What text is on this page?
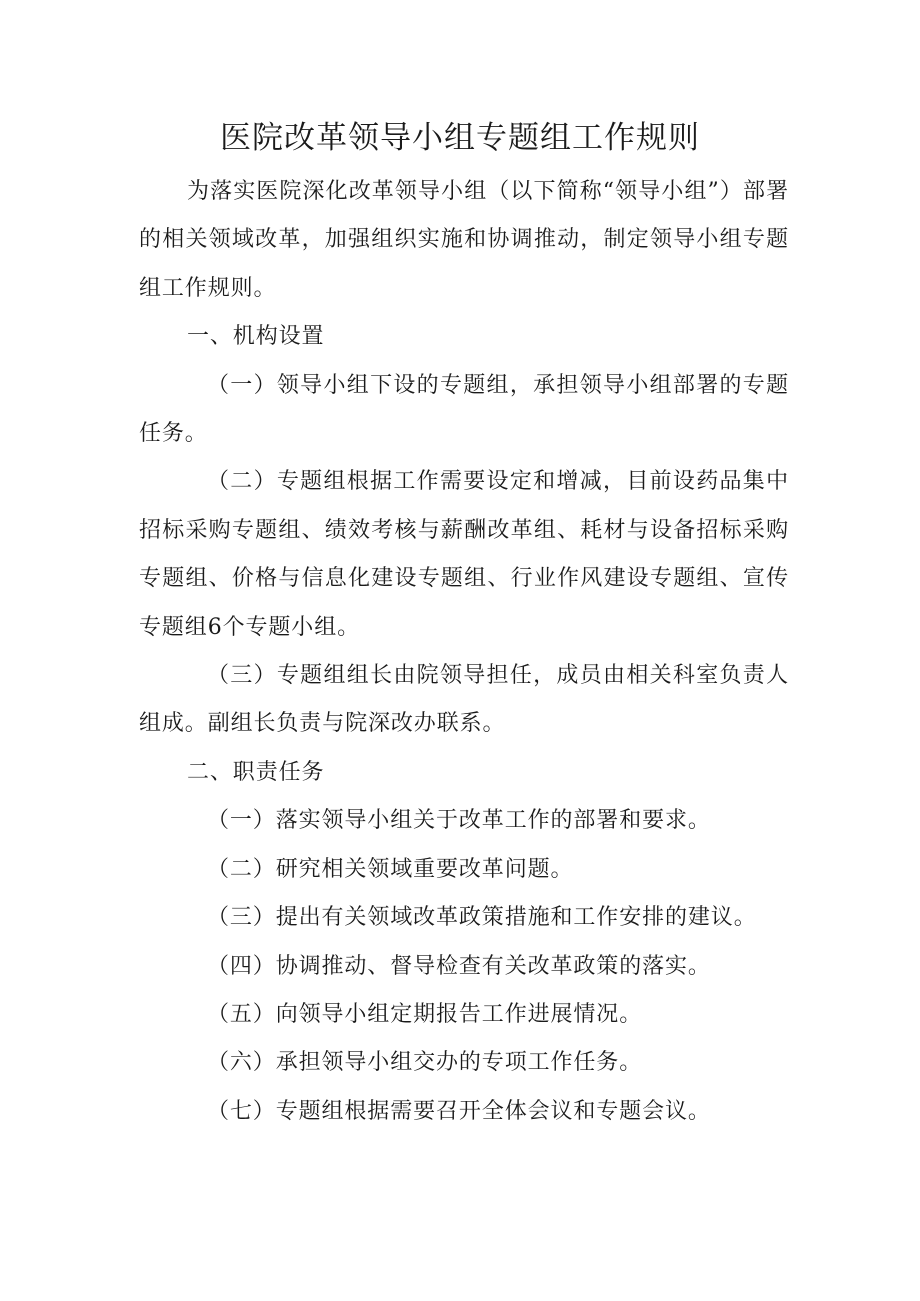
医院改革领导小组专题组工作规则

为落实医院深化改革领导小组（以下简称“领导小组”）部署的相关领域改革，加强组织实施和协调推动，制定领导小组专题组工作规则。

一、机构设置

（一）领导小组下设的专题组，承担领导小组部署的专题任务。

（二）专题组根据工作需要设定和增减，目前设药品集中招标采购专题组、绩效考核与薪酬改革组、耗材与设备招标采购专题组、价格与信息化建设专题组、行业作风建设专题组、宣传专题组6个专题小组。

（三）专题组组长由院领导担任，成员由相关科室负责人组成。副组长负责与院深改办联系。

二、职责任务

（一）落实领导小组关于改革工作的部署和要求。

（二）研究相关领域重要改革问题。

（三）提出有关领域改革政策措施和工作安排的建议。

（四）协调推动、督导检查有关改革政策的落实。

（五）向领导小组定期报告工作进展情况。

（六）承担领导小组交办的专项工作任务。

（七）专题组根据需要召开全体会议和专题会议。
